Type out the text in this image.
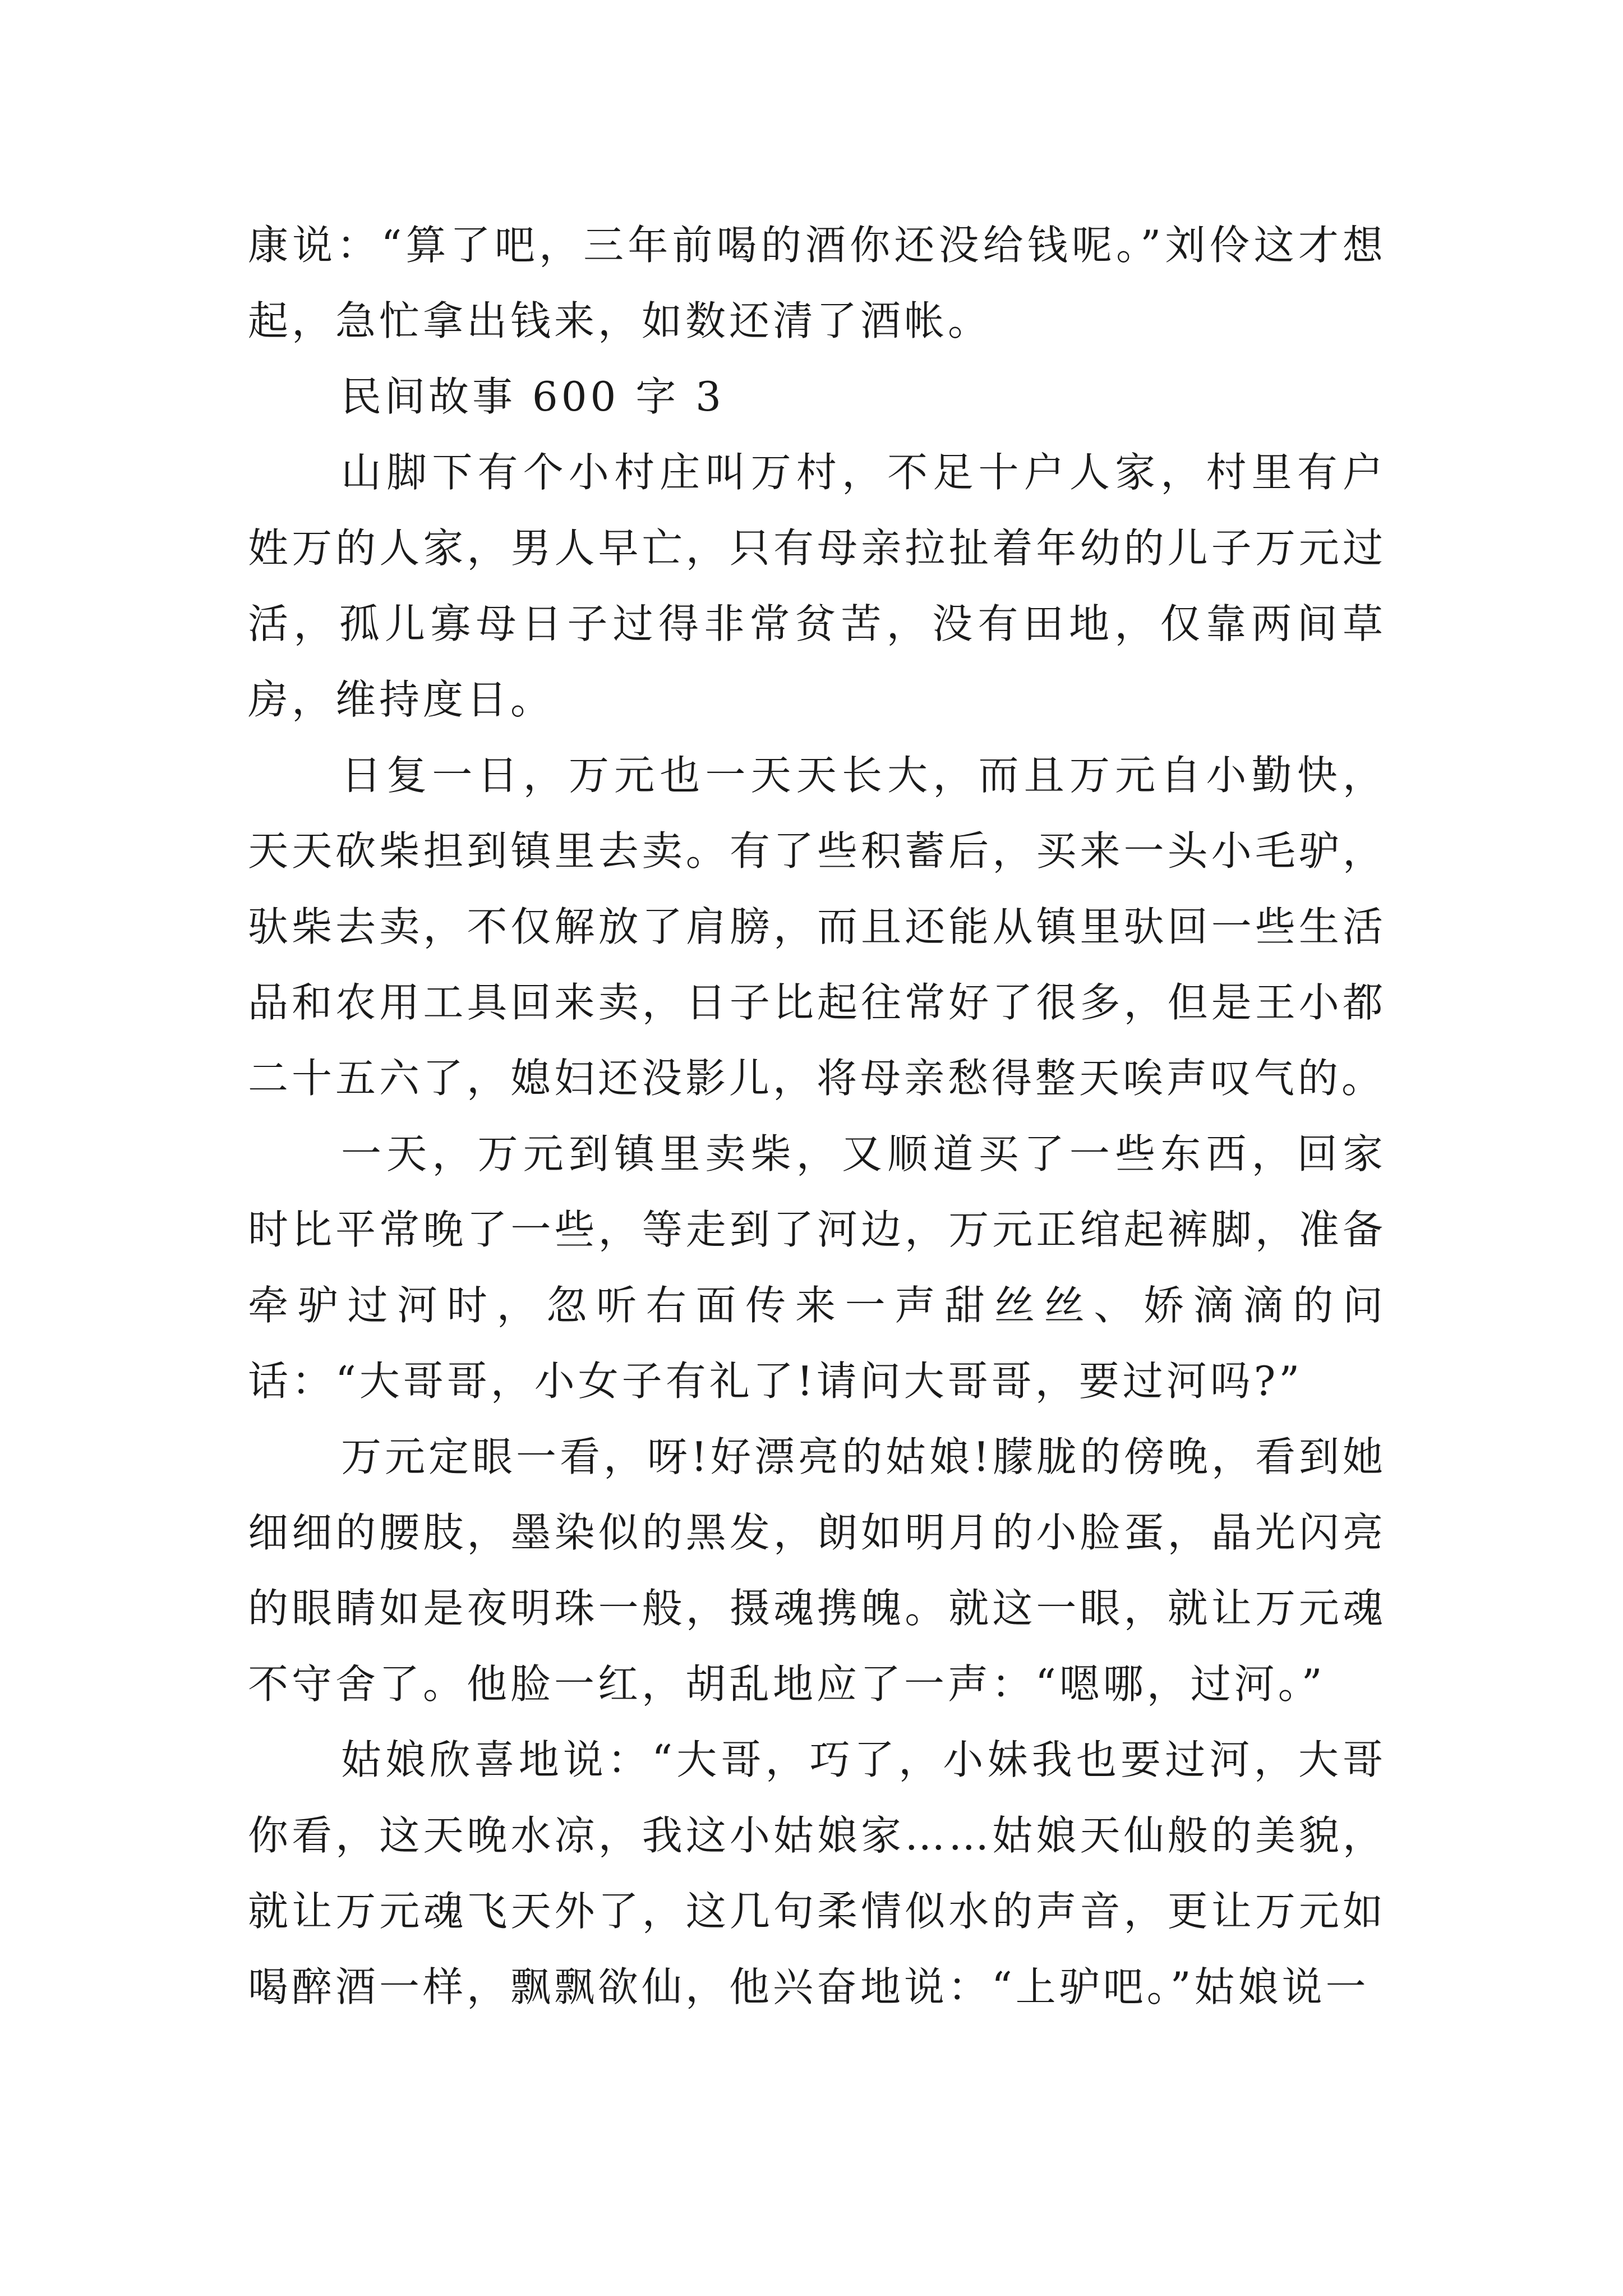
康说：“算了吧，三年前喝的酒你还没给钱呢。”刘伶这才想起，急忙拿出钱来，如数还清了酒帐。

民间故事 600 字 3

山脚下有个小村庄叫万村，不足十户人家，村里有户姓万的人家，男人早亡，只有母亲拉扯着年幼的儿子万元过活，孤儿寡母日子过得非常贫苦，没有田地，仅靠两间草房，维持度日。

日复一日，万元也一天天长大，而且万元自小勤快，天天砍柴担到镇里去卖。有了些积蓄后，买来一头小毛驴，驮柴去卖，不仅解放了肩膀，而且还能从镇里驮回一些生活品和农用工具回来卖，日子比起往常好了很多，但是王小都二十五六了，媳妇还没影儿，将母亲愁得整天唉声叹气的。

一天，万元到镇里卖柴，又顺道买了一些东西，回家时比平常晚了一些，等走到了河边，万元正绾起裤脚，准备牵驴过河时，忽听右面传来一声甜丝丝、娇滴滴的问话：“大哥哥，小女子有礼了!请问大哥哥，要过河吗?”

万元定眼一看，呀!好漂亮的姑娘!朦胧的傍晚，看到她细细的腰肢，墨染似的黑发，朗如明月的小脸蛋，晶光闪亮的眼睛如是夜明珠一般，摄魂携魄。就这一眼，就让万元魂不守舍了。他脸一红，胡乱地应了一声：“嗯哪，过河。”

姑娘欣喜地说：“大哥，巧了，小妹我也要过河，大哥你看，这天晚水凉，我这小姑娘家……姑娘天仙般的美貌，就让万元魂飞天外了，这几句柔情似水的声音，更让万元如喝醉酒一样，飘飘欲仙，他兴奋地说：“上驴吧。”姑娘说一
